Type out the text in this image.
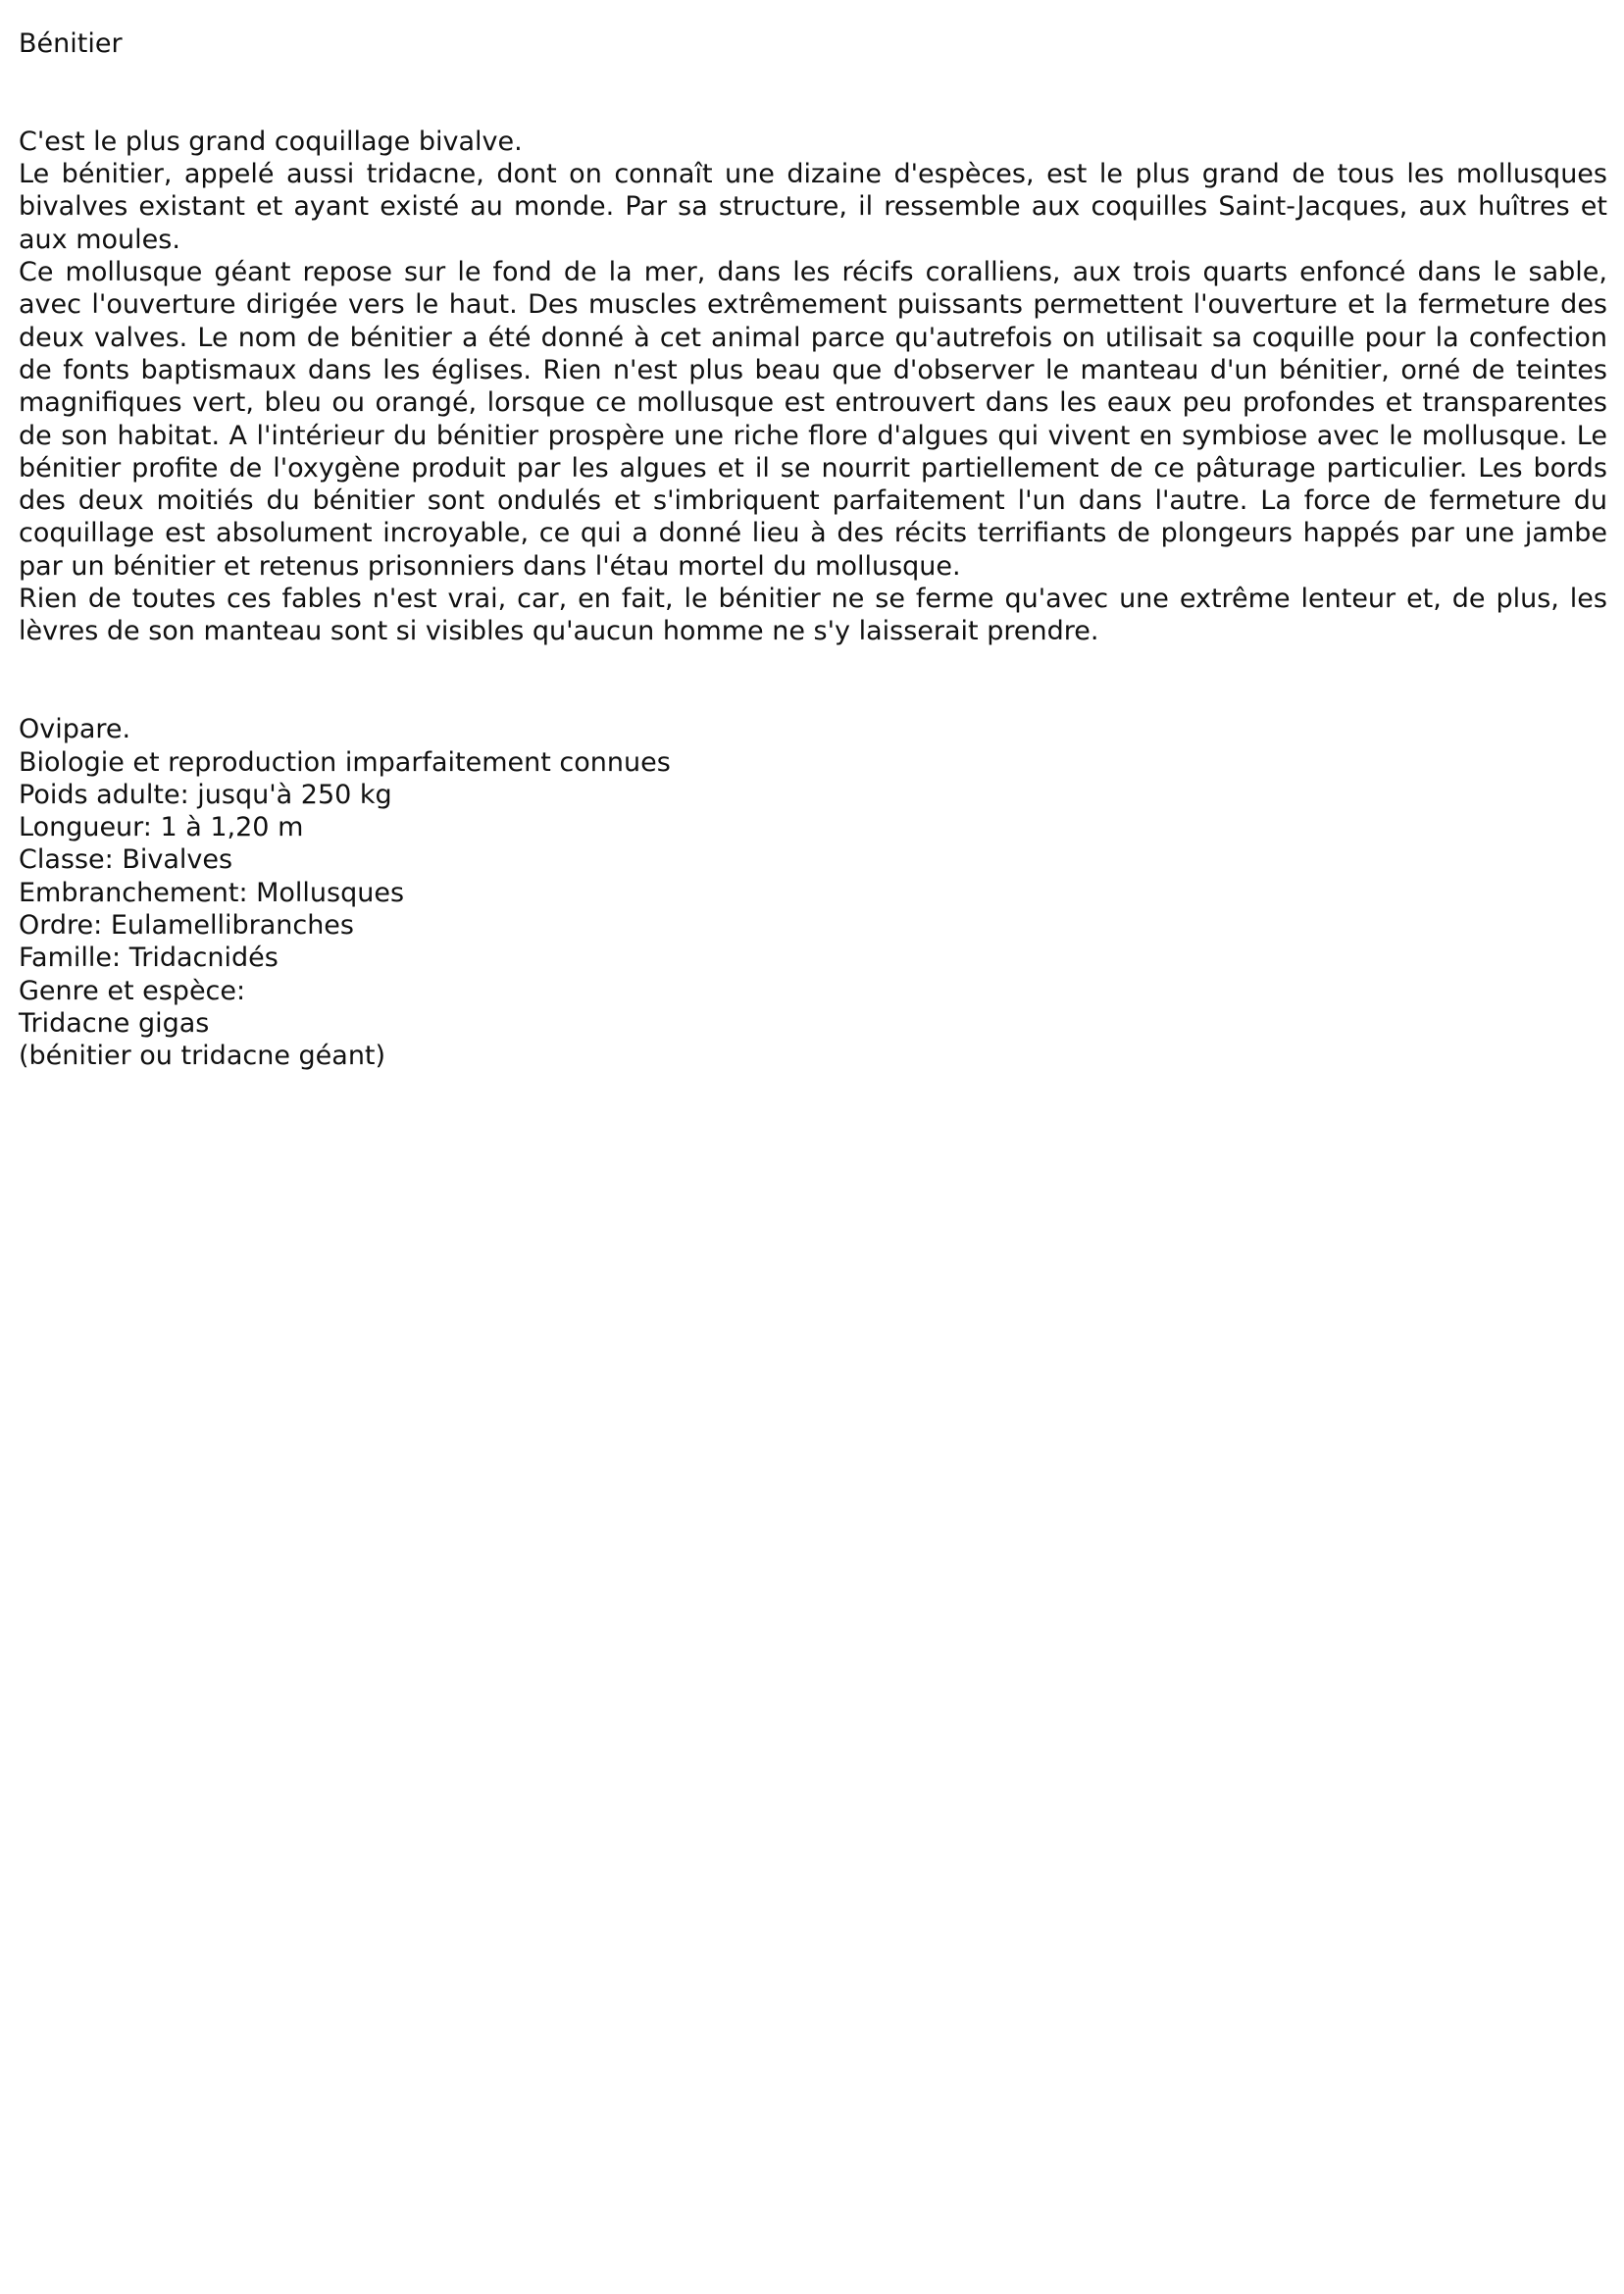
Bénitier

C'est le plus grand coquillage bivalve.

Le bénitier, appelé aussi tridacne, dont on connaît une dizaine d'espèces, est le plus grand de tous les mollusques bivalves existant et ayant existé au monde. Par sa structure, il ressemble aux coquilles Saint-Jacques, aux huîtres et aux moules.

Ce mollusque géant repose sur le fond de la mer, dans les récifs coralliens, aux trois quarts enfoncé dans le sable, avec l'ouverture dirigée vers le haut. Des muscles extrêmement puissants permettent l'ouverture et la fermeture des deux valves. Le nom de bénitier a été donné à cet animal parce qu'autrefois on utilisait sa coquille pour la confection de fonts baptismaux dans les églises. Rien n'est plus beau que d'observer le manteau d'un bénitier, orné de teintes magnifiques vert, bleu ou orangé, lorsque ce mollusque est entrouvert dans les eaux peu profondes et transparentes de son habitat. A l'intérieur du bénitier prospère une riche flore d'algues qui vivent en symbiose avec le mollusque. Le bénitier profite de l'oxygène produit par les algues et il se nourrit partiellement de ce pâturage particulier. Les bords des deux moitiés du bénitier sont ondulés et s'imbriquent parfaitement l'un dans l'autre. La force de fermeture du coquillage est absolument incroyable, ce qui a donné lieu à des récits terrifiants de plongeurs happés par une jambe par un bénitier et retenus prisonniers dans l'étau mortel du mollusque.

Rien de toutes ces fables n'est vrai, car, en fait, le bénitier ne se ferme qu'avec une extrême lenteur et, de plus, les lèvres de son manteau sont si visibles qu'aucun homme ne s'y laisserait prendre.

Ovipare.

Biologie et reproduction imparfaitement connues

Poids adulte: jusqu'à 250 kg

Longueur: 1 à 1,20 m

Classe: Bivalves

Embranchement: Mollusques

Ordre: Eulamellibranches

Famille: Tridacnidés

Genre et espèce:

Tridacne gigas

(bénitier ou tridacne géant)
